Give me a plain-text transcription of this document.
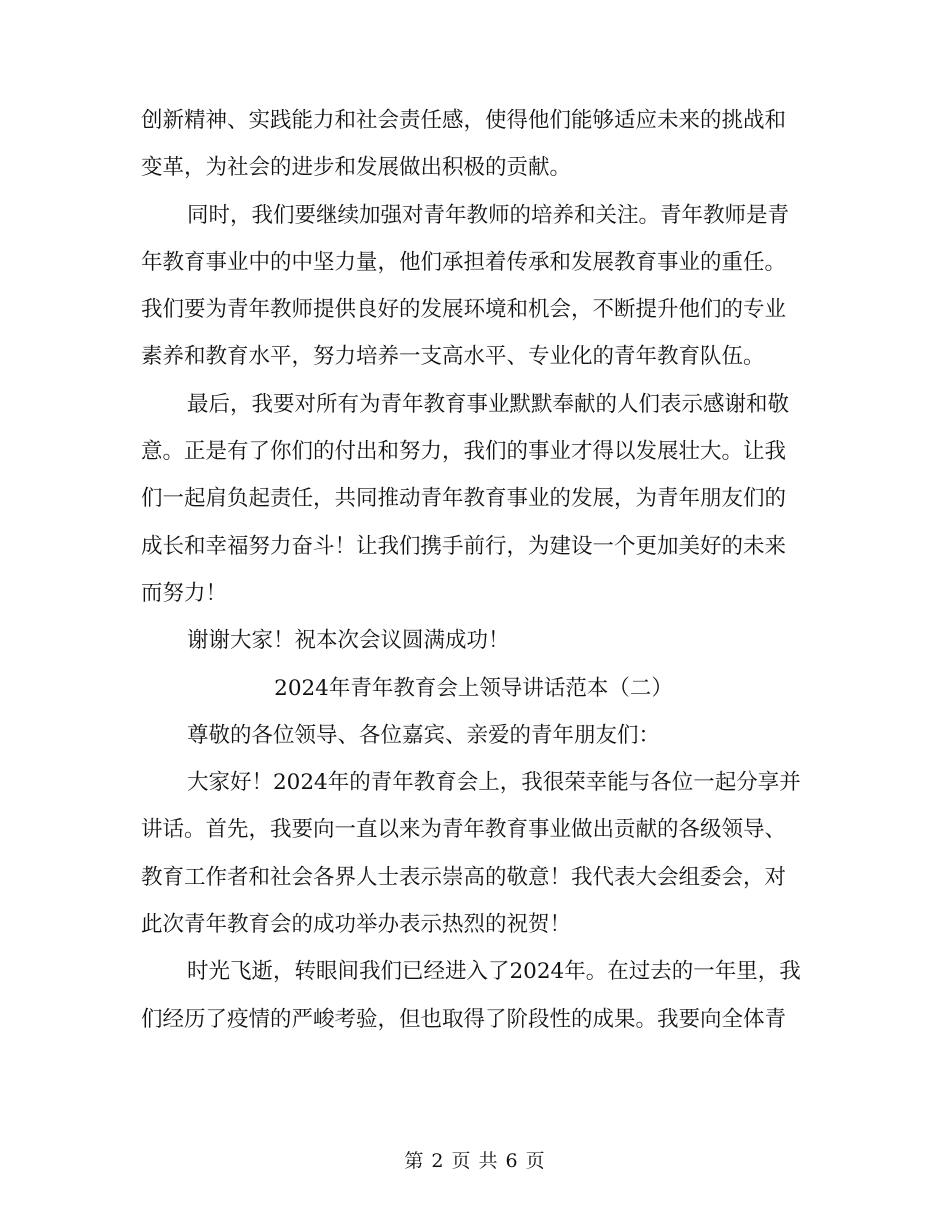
创新精神、实践能力和社会责任感，使得他们能够适应未来的挑战和
变革，为社会的进步和发展做出积极的贡献。
同时，我们要继续加强对青年教师的培养和关注。青年教师是青
年教育事业中的中坚力量，他们承担着传承和发展教育事业的重任。
我们要为青年教师提供良好的发展环境和机会，不断提升他们的专业
素养和教育水平，努力培养一支高水平、专业化的青年教育队伍。
最后，我要对所有为青年教育事业默默奉献的人们表示感谢和敬
意。正是有了你们的付出和努力，我们的事业才得以发展壮大。让我
们一起肩负起责任，共同推动青年教育事业的发展，为青年朋友们的
成长和幸福努力奋斗！让我们携手前行，为建设一个更加美好的未来
而努力！
谢谢大家！祝本次会议圆满成功！
2024年青年教育会上领导讲话范本（二）
尊敬的各位领导、各位嘉宾、亲爱的青年朋友们：
大家好！2024年的青年教育会上，我很荣幸能与各位一起分享并
讲话。首先，我要向一直以来为青年教育事业做出贡献的各级领导、
教育工作者和社会各界人士表示崇高的敬意！我代表大会组委会，对
此次青年教育会的成功举办表示热烈的祝贺！
时光飞逝，转眼间我们已经进入了2024年。在过去的一年里，我
们经历了疫情的严峻考验，但也取得了阶段性的成果。我要向全体青
第 2 页 共 6 页
